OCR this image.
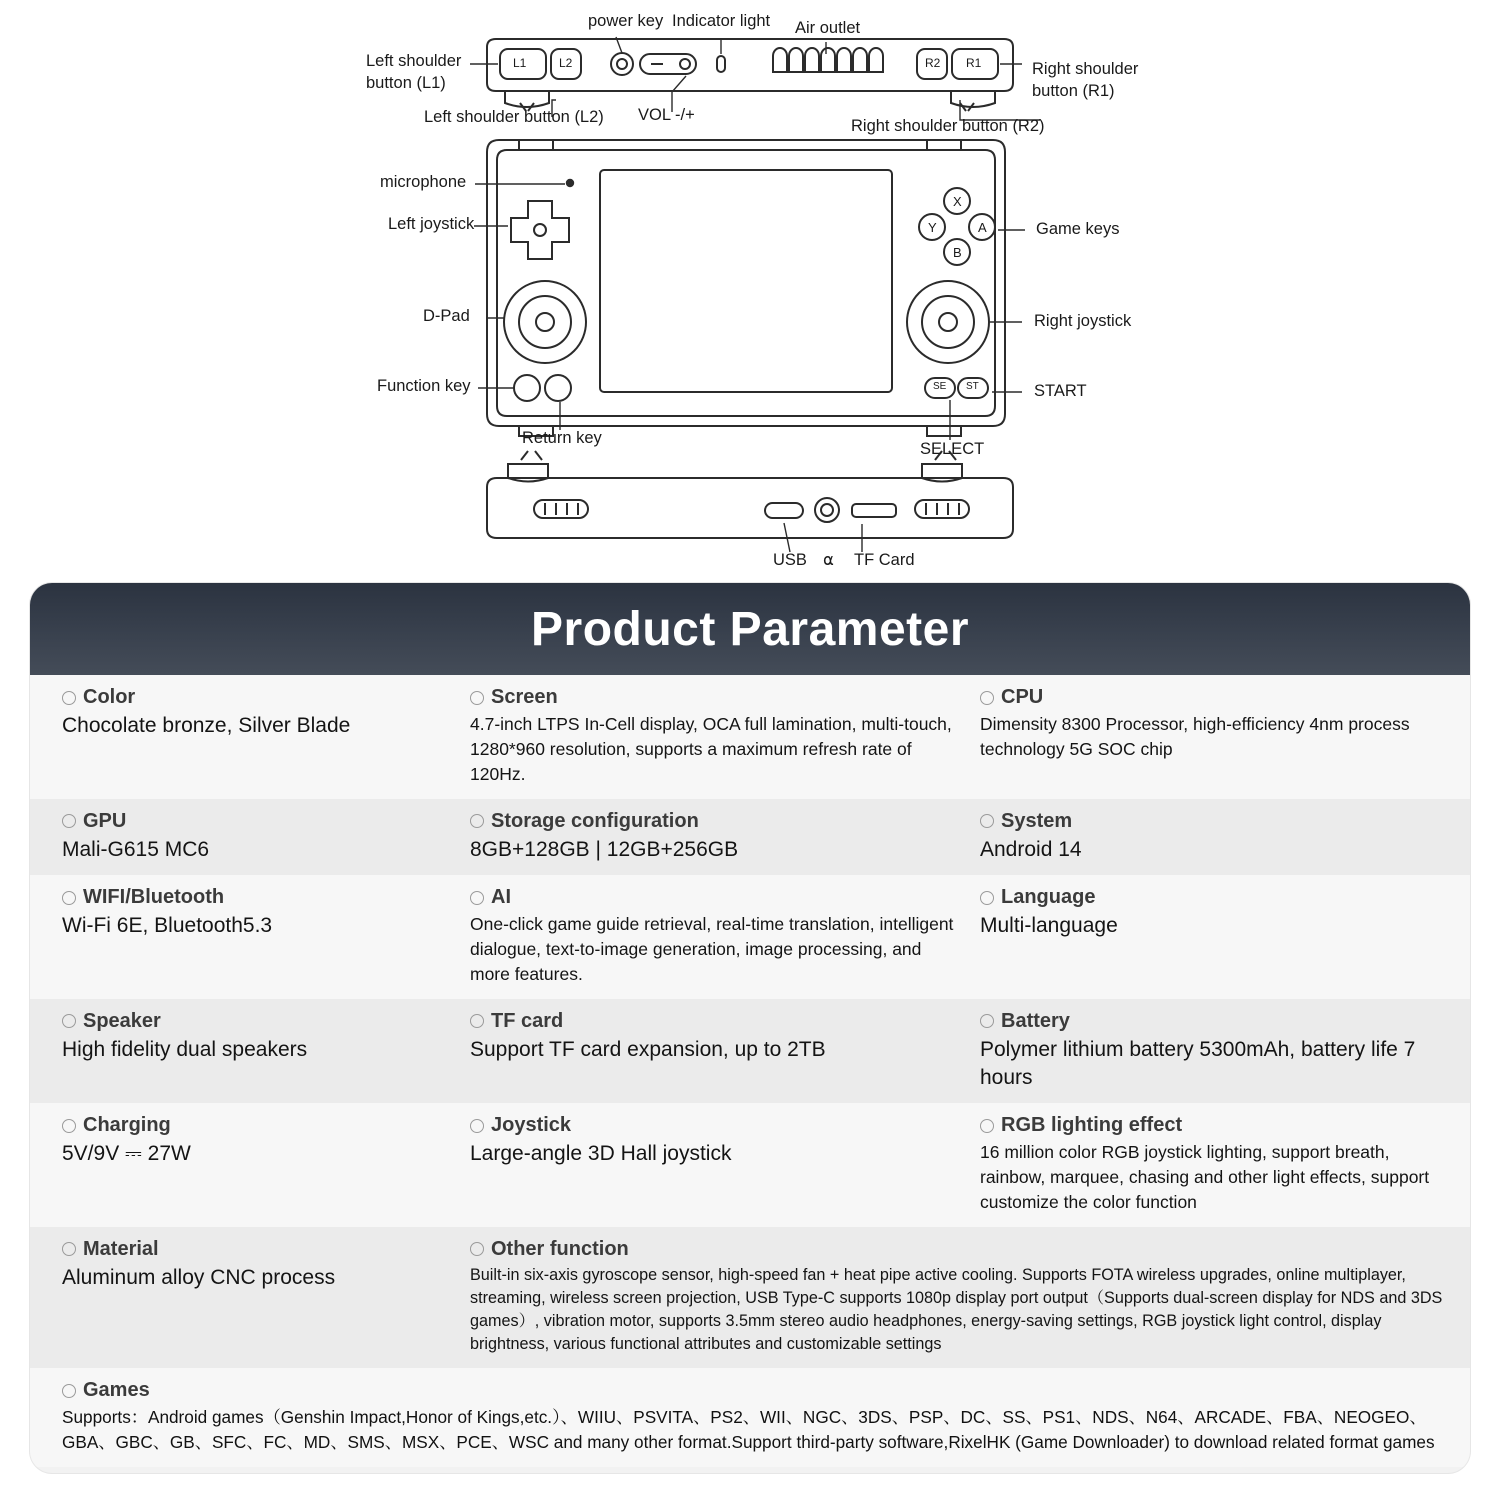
power key Indicator light Air outlet
Left shoulder
button (L1)
Left shoulder button (L2) VOL -/+
Right shoulder
button (R1)
Right shoulder button (R2)
L1	L2	R2 R1
microphone
Left joystick
D-Pad
Function key
Return key
Game keys
Right joystick
START
SELECT
X
Y	A
B
SE ST
USB ⍺ TF Card
Product Parameter
Color
Chocolate bronze, Silver Blade
Screen
4.7-inch LTPS In-Cell display, OCA full lamination, multi-touch, 1280*960 resolution, supports a maximum refresh rate of 120Hz.
CPU
Dimensity 8300 Processor, high-efficiency 4nm process technology 5G SOC chip
GPU
Mali-G615 MC6
Storage configuration
8GB+128GB | 12GB+256GB
System
Android 14
WIFI/Bluetooth
Wi-Fi 6E, Bluetooth5.3
AI
One-click game guide retrieval, real-time translation, intelligent dialogue, text-to-image generation, image processing, and more features.
Language
Multi-language
Speaker
High fidelity dual speakers
TF card
Support TF card expansion, up to 2TB
Battery
Polymer lithium battery 5300mAh, battery life 7 hours
Charging
5V/9V ⎓ 27W
Joystick
Large-angle 3D Hall joystick
RGB lighting effect
16 million color RGB joystick lighting, support breath, rainbow, marquee, chasing and other light effects, support customize the color function
Material
Aluminum alloy CNC process
Other function
Built-in six-axis gyroscope sensor, high-speed fan + heat pipe active cooling. Supports FOTA wireless upgrades, online multiplayer, streaming, wireless screen projection, USB Type-C supports 1080p display port output（Supports dual-screen display for NDS and 3DS games）, vibration motor, supports 3.5mm stereo audio headphones, energy-saving settings, RGB joystick light control, display brightness, various functional attributes and customizable settings
Games
Supports：Android games（Genshin Impact,Honor of Kings,etc.）、WIIU、PSVITA、PS2、WII、NGC、3DS、PSP、DC、SS、PS1、NDS、N64、ARCADE、FBA、NEOGEO、GBA、GBC、GB、SFC、FC、MD、SMS、MSX、PCE、WSC and many other format.Support third-party software,RixelHK (Game Downloader) to download related format games
